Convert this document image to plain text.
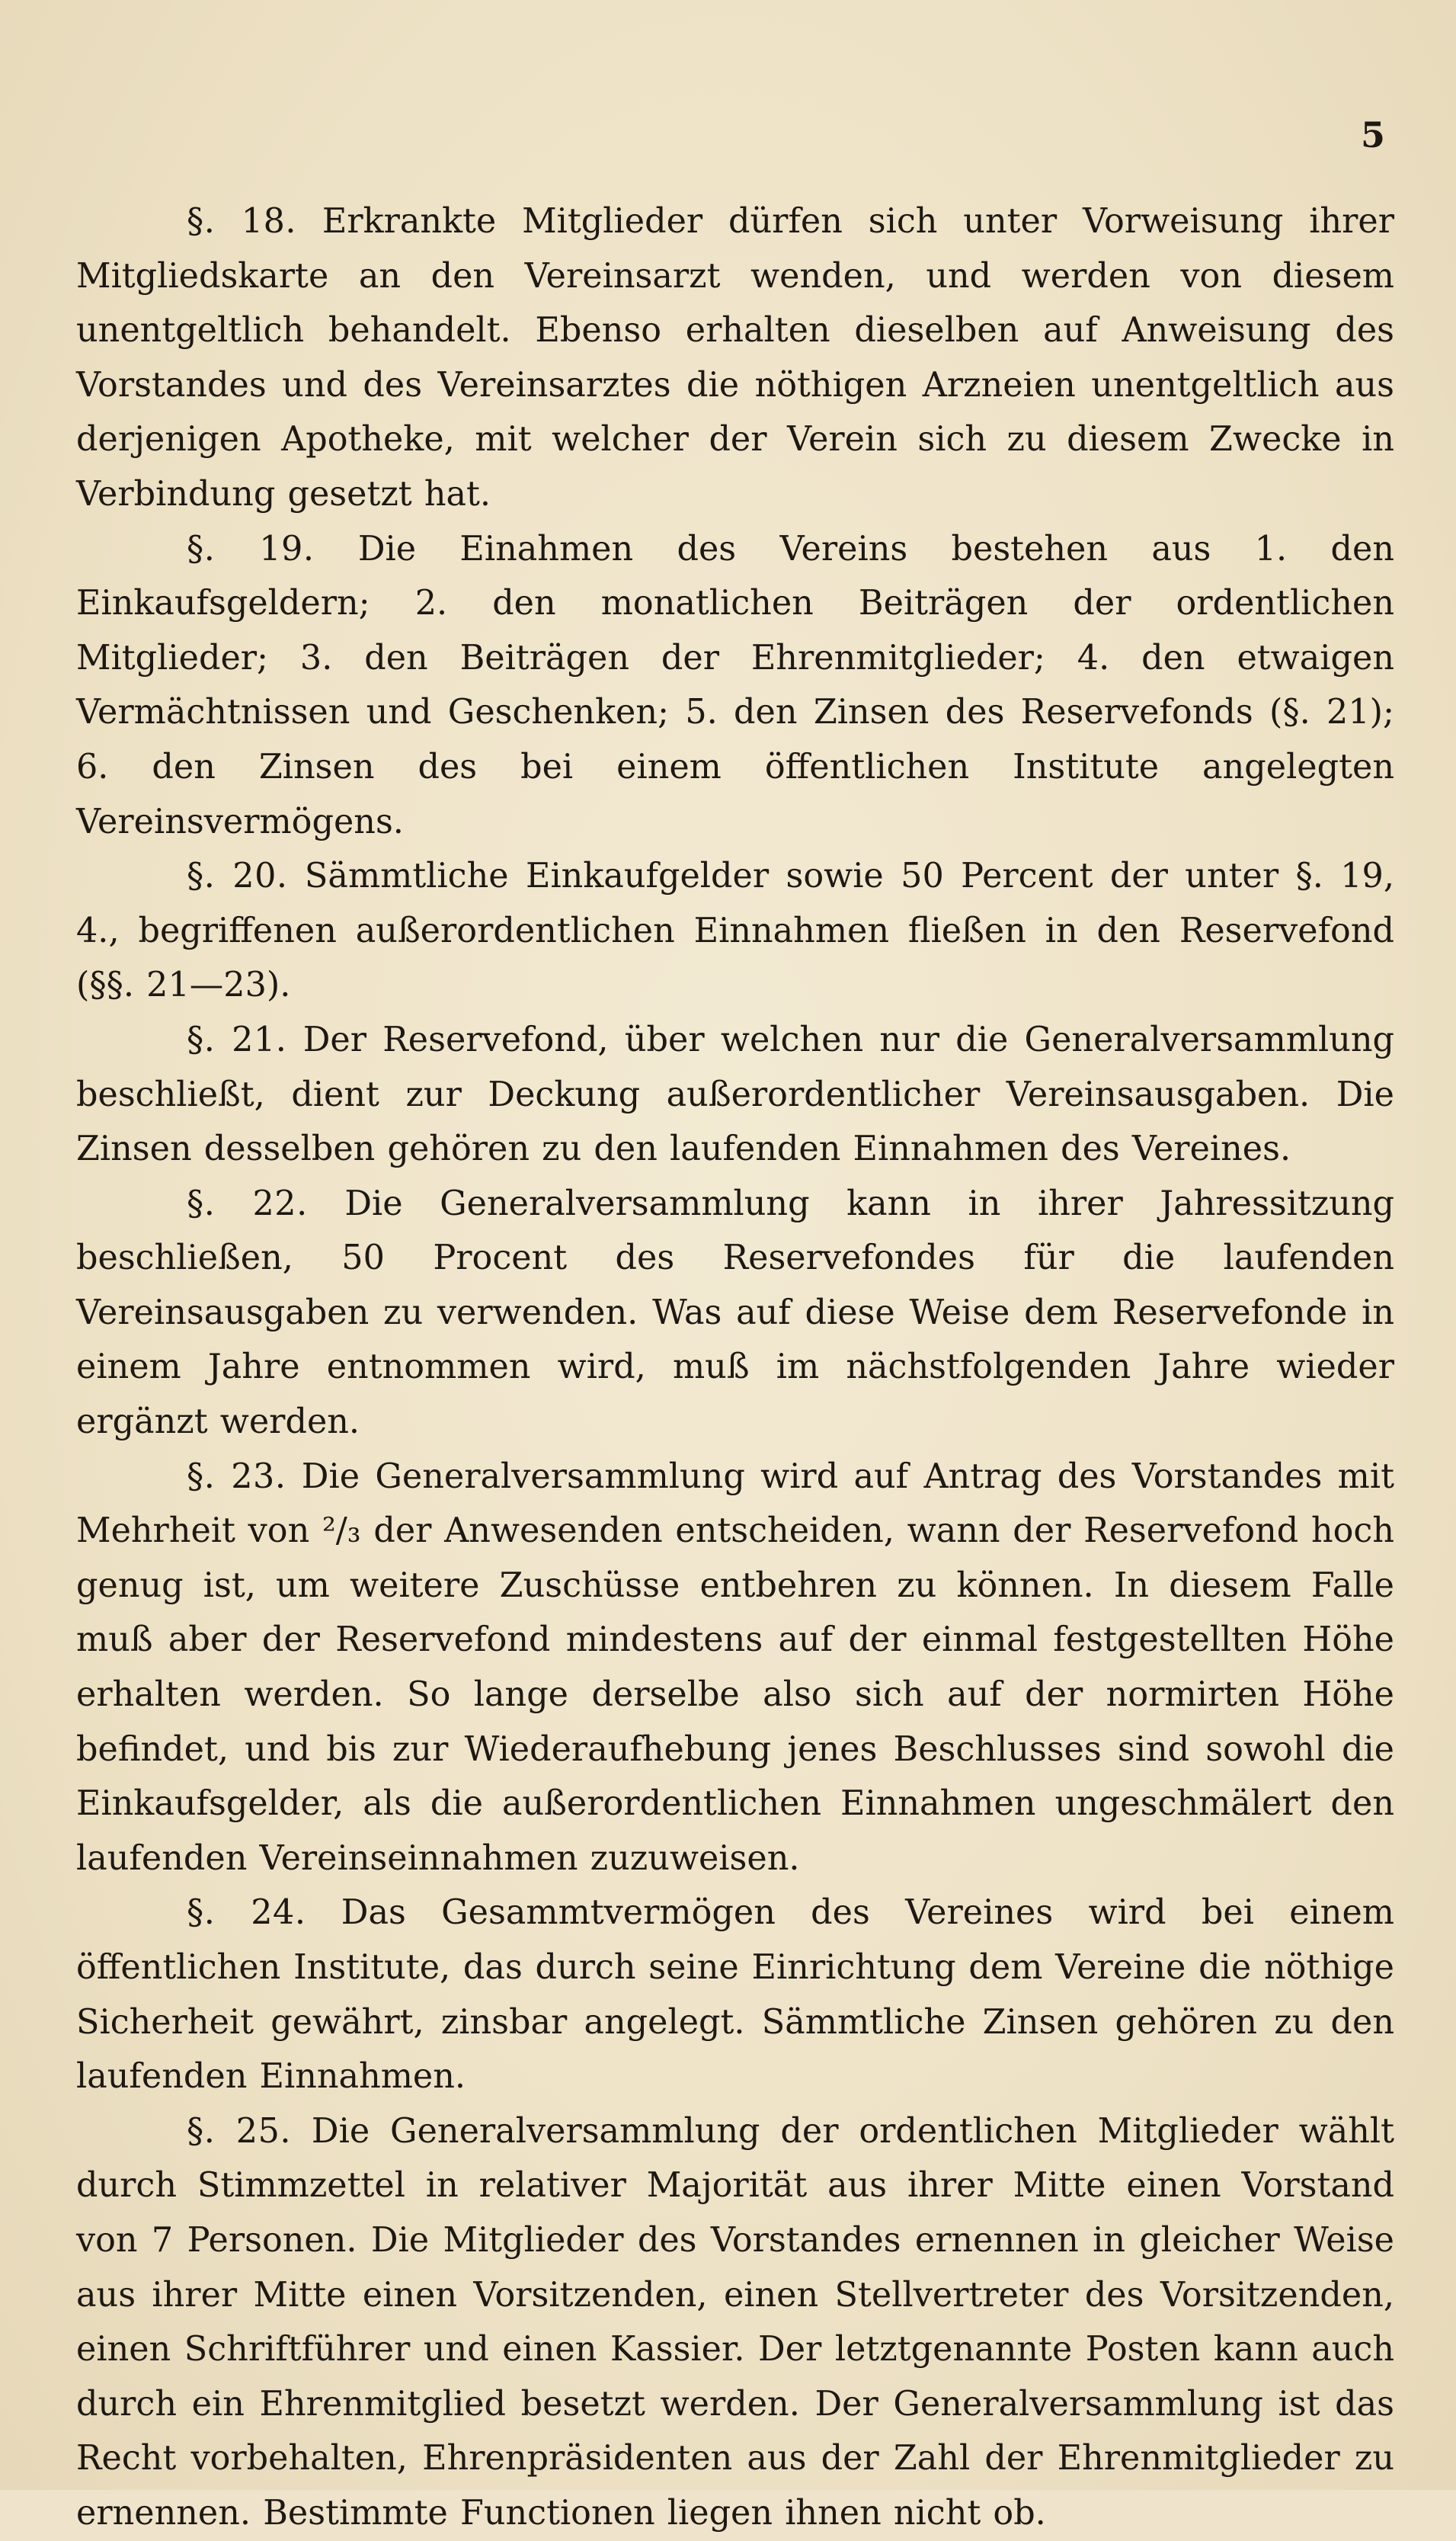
5

§. 18. Erkrankte Mitglieder dürfen sich unter Vorweisung ihrer Mitgliedskarte an den Vereinsarzt wenden, und werden von diesem unentgeltlich behandelt. Ebenso erhalten dieselben auf Anweisung des Vorstandes und des Vereinsarztes die nöthigen Arzneien unentgeltlich aus derjenigen Apotheke, mit welcher der Verein sich zu diesem Zwecke in Verbindung gesetzt hat.

§. 19. Die Einahmen des Vereins bestehen aus 1. den Einkaufsgeldern; 2. den monatlichen Beiträgen der ordentlichen Mitglieder; 3. den Beiträgen der Ehrenmitglieder; 4. den etwaigen Vermächtnissen und Geschenken; 5. den Zinsen des Reservefonds (§. 21); 6. den Zinsen des bei einem öffentlichen Institute angelegten Vereinsvermögens.

§. 20. Sämmtliche Einkaufgelder sowie 50 Percent der unter §. 19, 4., begriffenen außerordentlichen Einnahmen fließen in den Reservefond (§§. 21—23).

§. 21. Der Reservefond, über welchen nur die Generalversammlung beschließt, dient zur Deckung außerordentlicher Vereinsausgaben. Die Zinsen desselben gehören zu den laufenden Einnahmen des Vereines.

§. 22. Die Generalversammlung kann in ihrer Jahressitzung beschließen, 50 Procent des Reservefondes für die laufenden Vereinsausgaben zu verwenden. Was auf diese Weise dem Reservefonde in einem Jahre entnommen wird, muß im nächstfolgenden Jahre wieder ergänzt werden.

§. 23. Die Generalversammlung wird auf Antrag des Vorstandes mit Mehrheit von ²/₃ der Anwesenden entscheiden, wann der Reservefond hoch genug ist, um weitere Zuschüsse entbehren zu können. In diesem Falle muß aber der Reservefond mindestens auf der einmal festgestellten Höhe erhalten werden. So lange derselbe also sich auf der normirten Höhe befindet, und bis zur Wiederaufhebung jenes Beschlusses sind sowohl die Einkaufsgelder, als die außerordentlichen Einnahmen ungeschmälert den laufenden Vereinseinnahmen zuzuweisen.

§. 24. Das Gesammtvermögen des Vereines wird bei einem öffentlichen Institute, das durch seine Einrichtung dem Vereine die nöthige Sicherheit gewährt, zinsbar angelegt. Sämmtliche Zinsen gehören zu den laufenden Einnahmen.

§. 25. Die Generalversammlung der ordentlichen Mitglieder wählt durch Stimmzettel in relativer Majorität aus ihrer Mitte einen Vorstand von 7 Personen. Die Mitglieder des Vorstandes ernennen in gleicher Weise aus ihrer Mitte einen Vorsitzenden, einen Stellvertreter des Vorsitzenden, einen Schriftführer und einen Kassier. Der letztgenannte Posten kann auch durch ein Ehrenmitglied besetzt werden. Der Generalversammlung ist das Recht vorbehalten, Ehrenpräsidenten aus der Zahl der Ehrenmitglieder zu ernennen. Bestimmte Functionen liegen ihnen nicht ob.
